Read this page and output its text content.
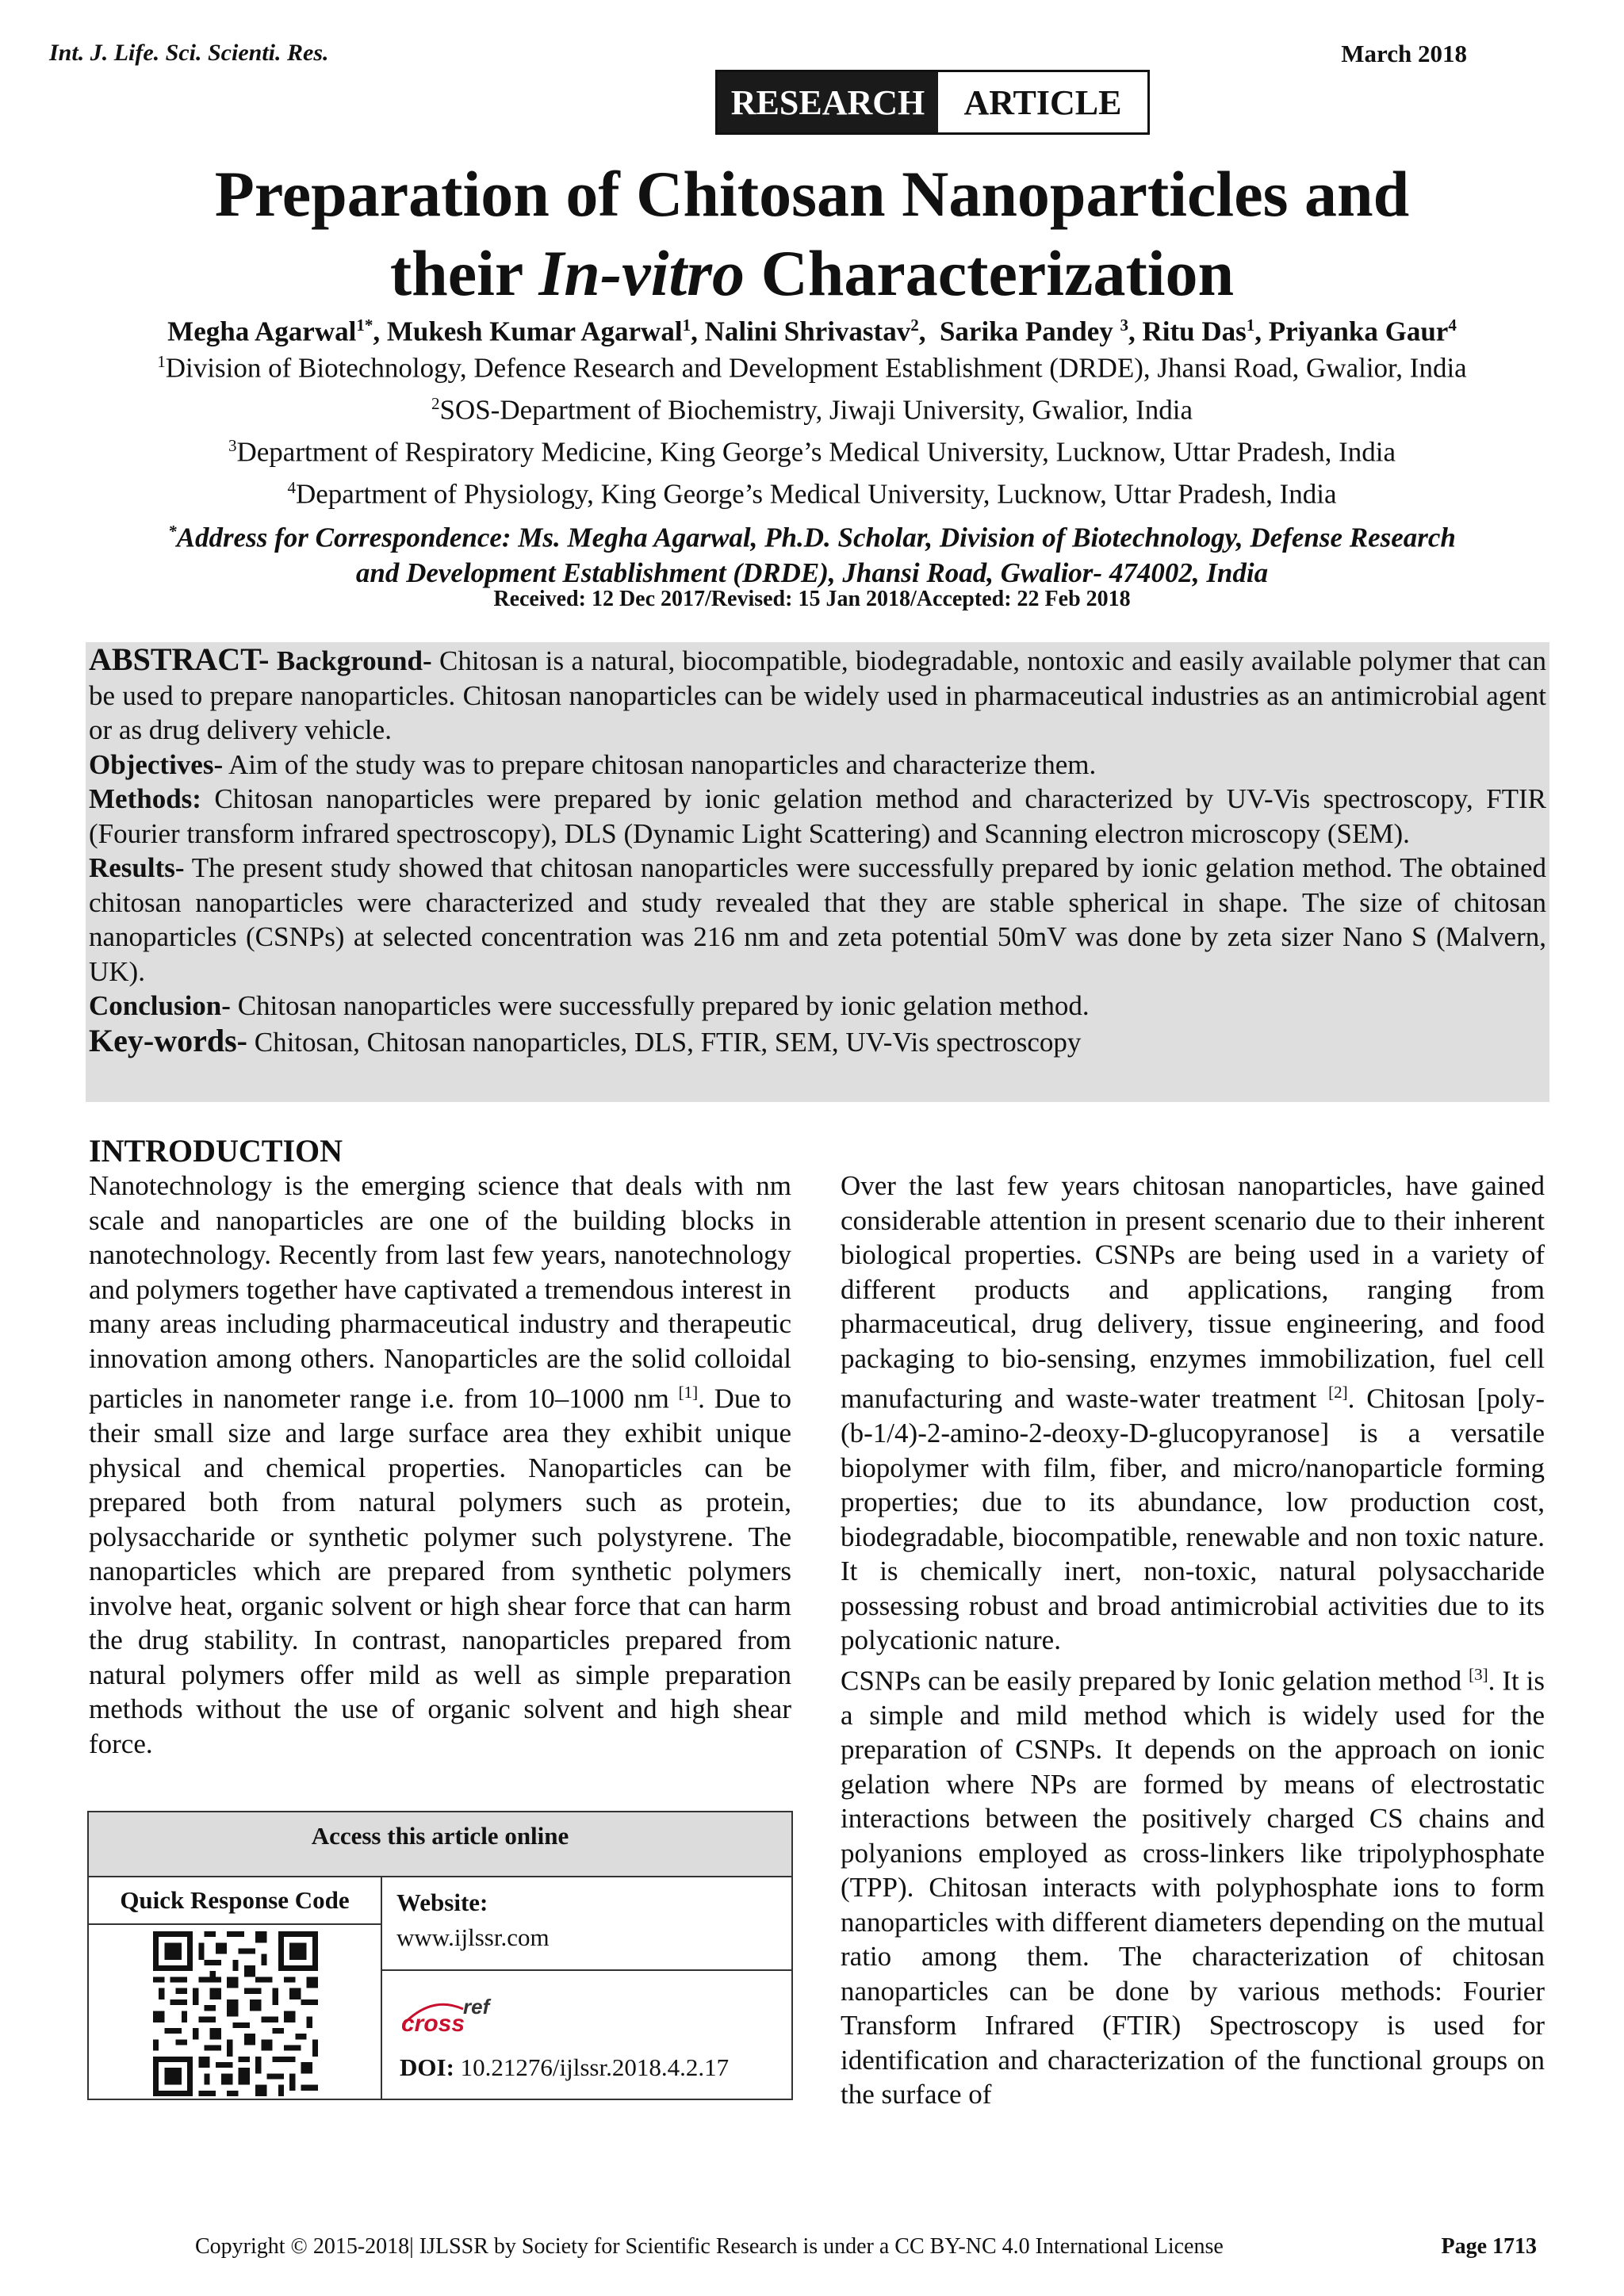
Int. J. Life. Sci. Scienti. Res.	March 2018
RESEARCH	ARTICLE
Preparation of Chitosan Nanoparticles and
their In-vitro Characterization
Megha Agarwal$^{1*}$, Mukesh Kumar Agarwal$^1$, Nalini Shrivastav$^2$,  Sarika Pandey $^3$, Ritu Das$^1$, Priyanka Gaur$^4$
$^1$Division of Biotechnology, Defence Research and Development Establishment (DRDE), Jhansi Road, Gwalior, India
$^2$SOS-Department of Biochemistry, Jiwaji University, Gwalior, India
$^3$Department of Respiratory Medicine, King George’s Medical University, Lucknow, Uttar Pradesh, India
$^4$Department of Physiology, King George’s Medical University, Lucknow, Uttar Pradesh, India
*Address for Correspondence: Ms. Megha Agarwal, Ph.D. Scholar, Division of Biotechnology, Defense Research
and Development Establishment (DRDE), Jhansi Road, Gwalior- 474002, India
Received: 12 Dec 2017/Revised: 15 Jan 2018/Accepted: 22 Feb 2018

ABSTRACT- Background- Chitosan is a natural, biocompatible, biodegradable, nontoxic and easily available polymer that can be used to prepare nanoparticles. Chitosan nanoparticles can be widely used in pharmaceutical industries as an antimicrobial agent or as drug delivery vehicle.

Objectives- Aim of the study was to prepare chitosan nanoparticles and characterize them.

Methods: Chitosan nanoparticles were prepared by ionic gelation method and characterized by UV-Vis spectroscopy, FTIR (Fourier transform infrared spectroscopy), DLS (Dynamic Light Scattering) and Scanning electron microscopy (SEM).

Results- The present study showed that chitosan nanoparticles were successfully prepared by ionic gelation method. The obtained chitosan nanoparticles were characterized and study revealed that they are stable spherical in shape. The size of chitosan nanoparticles (CSNPs) at selected concentration was 216 nm and zeta potential 50mV was done by zeta sizer Nano S (Malvern, UK).

Conclusion- Chitosan nanoparticles were successfully prepared by ionic gelation method.

Key-words- Chitosan, Chitosan nanoparticles, DLS, FTIR, SEM, UV-Vis spectroscopy

INTRODUCTION

Nanotechnology is the emerging science that deals with nm scale and nanoparticles are one of the building blocks in nanotechnology. Recently from last few years, nanotechnology and polymers together have captivated a tremendous interest in many areas including pharmaceutical industry and therapeutic innovation among others. Nanoparticles are the solid colloidal particles in nanometer range i.e. from 10–1000 nm [1]. Due to their small size and large surface area they exhibit unique physical and chemical properties. Nanoparticles can be prepared both from natural polymers such as protein, polysaccharide or synthetic polymer such polystyrene. The nanoparticles which are prepared from synthetic polymers involve heat, organic solvent or high shear force that can harm the drug stability. In contrast, nanoparticles prepared from natural polymers offer mild as well as simple preparation methods without the use of organic solvent and high shear force.

Access this article online
Quick Response Code	Website:
www.ijlssr.com
cross
ref
DOI: 10.21276/ijlssr.2018.4.2.17

Over the last few years chitosan nanoparticles, have gained considerable attention in present scenario due to their inherent biological properties. CSNPs are being used in a variety of different products and applications, ranging from pharmaceutical, drug delivery, tissue engineering, and food packaging to bio-sensing, enzymes immobilization, fuel cell manufacturing and waste-water treatment [2]. Chitosan [poly-(b-1/4)-2-amino-2-deoxy-D-glucopyranose] is a versatile biopolymer with film, fiber, and micro/nanoparticle forming properties; due to its abundance, low production cost, biodegradable, biocompatible, renewable and non toxic nature. It is chemically inert, non-toxic, natural polysaccharide possessing robust and broad antimicrobial activities due to its polycationic nature.

CSNPs can be easily prepared by Ionic gelation method [3]. It is a simple and mild method which is widely used for the preparation of CSNPs. It depends on the approach on ionic gelation where NPs are formed by means of electrostatic interactions between the positively charged CS chains and polyanions employed as cross-linkers like tripolyphosphate (TPP). Chitosan interacts with polyphosphate ions to form nanoparticles with different diameters depending on the mutual ratio among them. The characterization of chitosan nanoparticles can be done by various methods: Fourier Transform Infrared (FTIR) Spectroscopy is used for identification and characterization of the functional groups on the surface of

Copyright © 2015-2018| IJLSSR by Society for Scientific Research is under a CC BY-NC 4.0 International License	Page 1713
